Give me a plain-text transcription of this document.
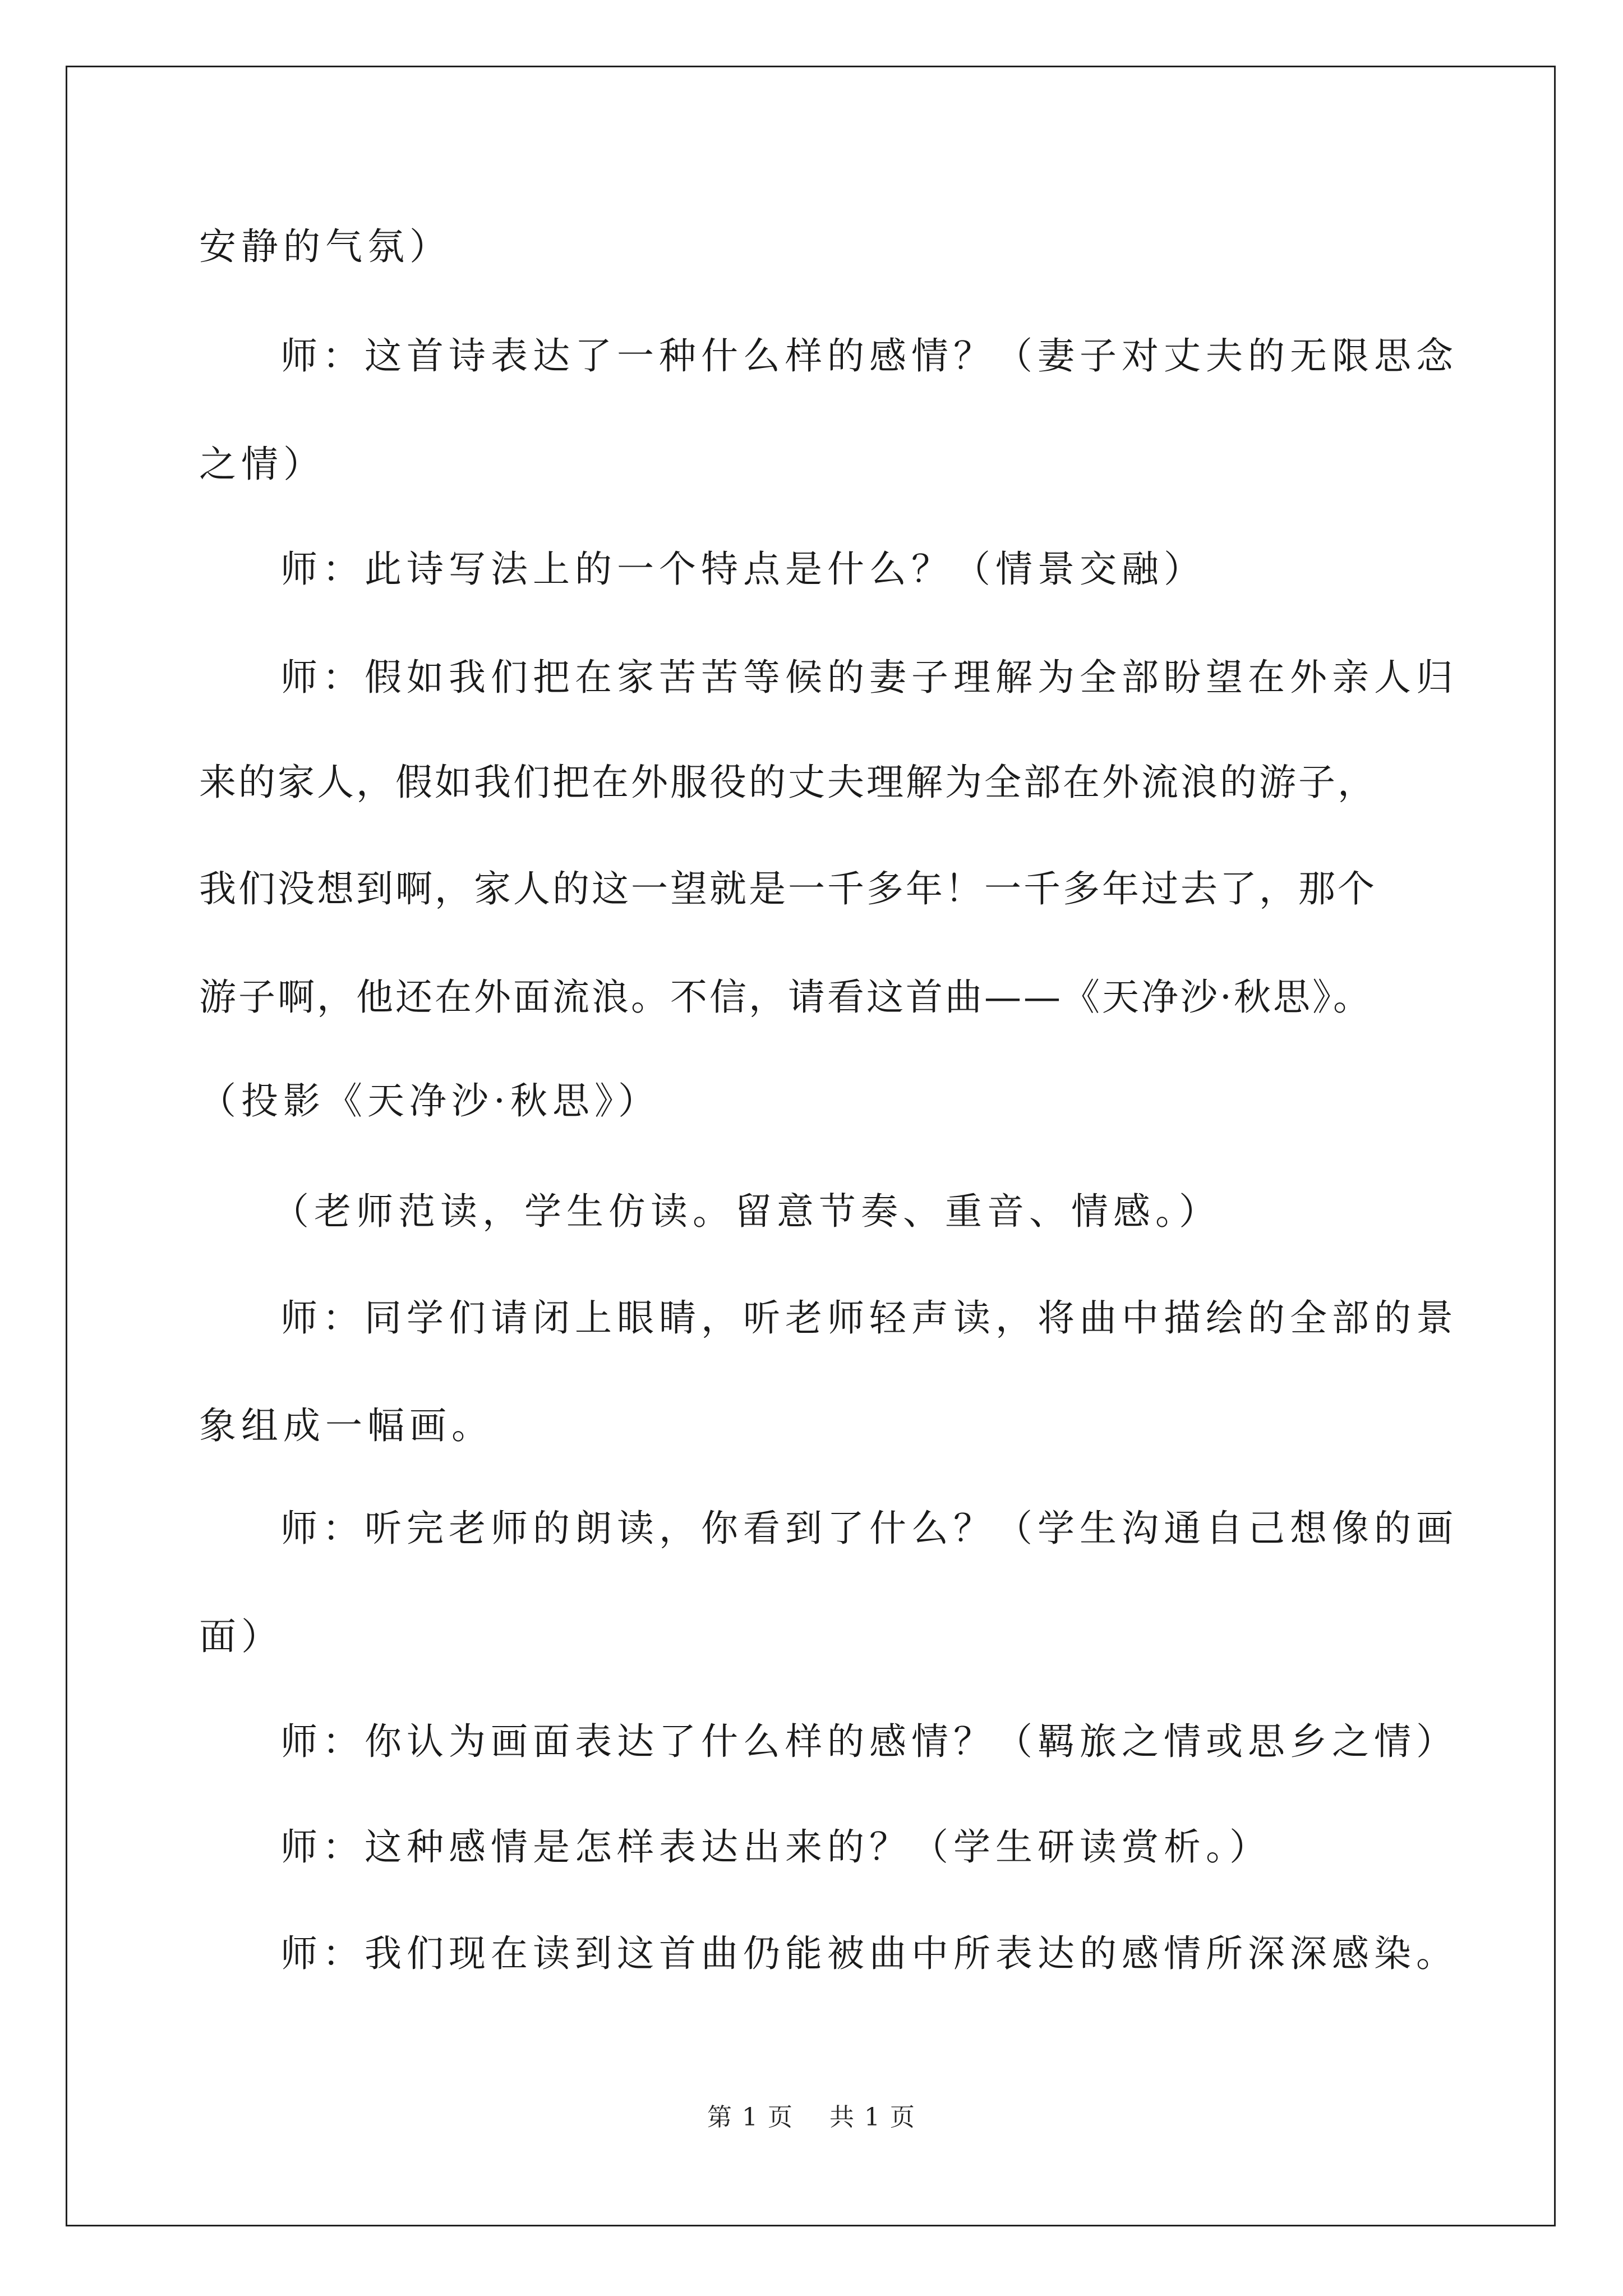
安静的气氛）
师：这首诗表达了一种什么样的感情？（妻子对丈夫的无限思念
之情）
师：此诗写法上的一个特点是什么？（情景交融）
师：假如我们把在家苦苦等候的妻子理解为全部盼望在外亲人归
来的家人，假如我们把在外服役的丈夫理解为全部在外流浪的游子，
我们没想到啊，家人的这一望就是一千多年！一千多年过去了，那个
游子啊，他还在外面流浪。不信，请看这首曲——《天净沙·秋思》。
（投影《天净沙·秋思》）
（老师范读，学生仿读。留意节奏、重音、情感。）
师：同学们请闭上眼睛，听老师轻声读，将曲中描绘的全部的景
象组成一幅画。
师：听完老师的朗读，你看到了什么？（学生沟通自己想像的画
面）
师：你认为画面表达了什么样的感情？（羁旅之情或思乡之情）
师：这种感情是怎样表达出来的？（学生研读赏析。）
师：我们现在读到这首曲仍能被曲中所表达的感情所深深感染。
第 1 页    共 1 页
